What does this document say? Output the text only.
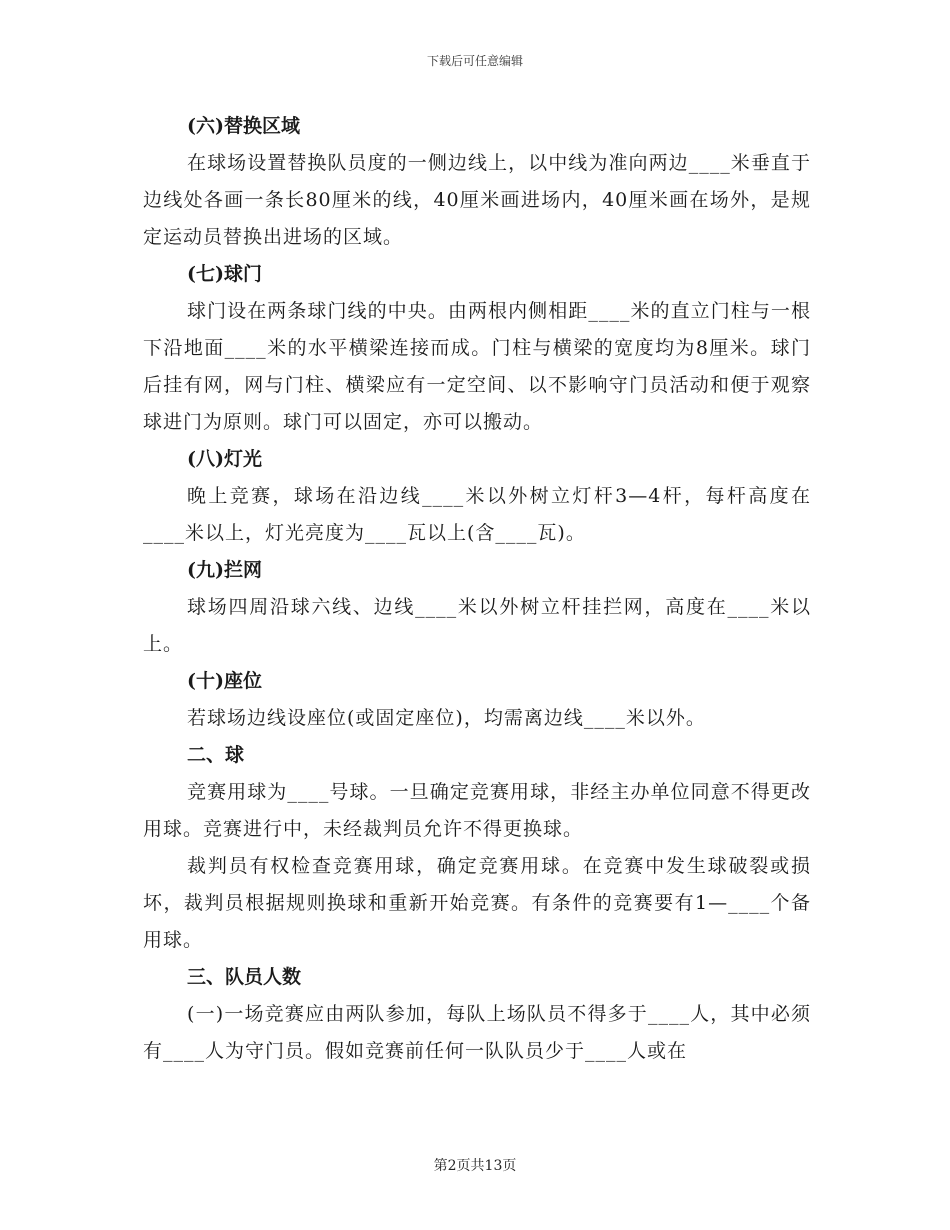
下载后可任意编辑
(六)替换区域
在球场设置替换队员度的一侧边线上，以中线为准向两边____米垂直于边线处各画一条长80厘米的线，40厘米画进场内，40厘米画在场外，是规定运动员替换出进场的区域。
(七)球门
球门设在两条球门线的中央。由两根内侧相距____米的直立门柱与一根下沿地面____米的水平横梁连接而成。门柱与横梁的宽度均为8厘米。球门后挂有网，网与门柱、横梁应有一定空间、以不影响守门员活动和便于观察球进门为原则。球门可以固定，亦可以搬动。
(八)灯光
晚上竞赛，球场在沿边线____米以外树立灯杆3—4杆，每杆高度在____米以上，灯光亮度为____瓦以上(含____瓦)。
(九)拦网
球场四周沿球六线、边线____米以外树立杆挂拦网，高度在____米以上。
(十)座位
若球场边线设座位(或固定座位)，均需离边线____米以外。
二、球
竞赛用球为____号球。一旦确定竞赛用球，非经主办单位同意不得更改用球。竞赛进行中，未经裁判员允许不得更换球。
裁判员有权检查竞赛用球，确定竞赛用球。在竞赛中发生球破裂或损坏，裁判员根据规则换球和重新开始竞赛。有条件的竞赛要有1—____个备用球。
三、队员人数
(一)一场竞赛应由两队参加，每队上场队员不得多于____人，其中必须有____人为守门员。假如竞赛前任何一队队员少于____人或在
第2页共13页
